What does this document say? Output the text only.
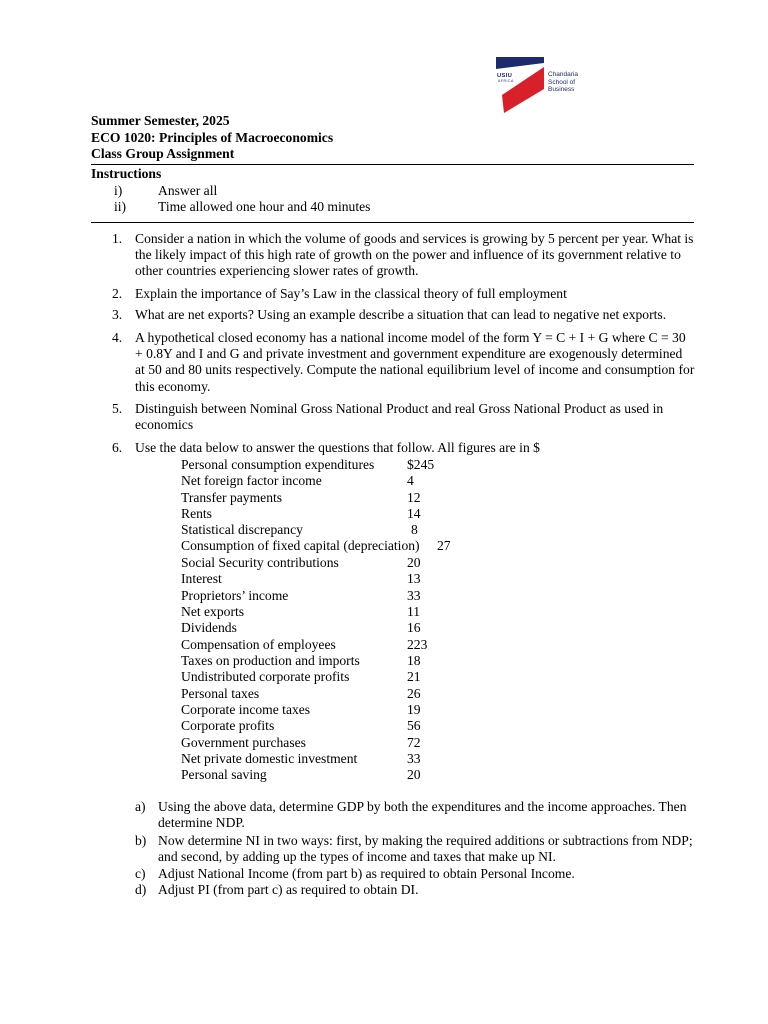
USIU
AFRICA
Chandaria
School of
Business
Summer Semester, 2025
ECO 1020: Principles of Macroeconomics
Class Group Assignment
Instructions
i)	Answer all
ii) Time allowed one hour and 40 minutes
1. Consider a nation in which the volume of goods and services is growing by 5 percent per year. What is the likely impact of this high rate of growth on the power and influence of its government relative to other countries experiencing slower rates of growth.
2. Explain the importance of Say’s Law in the classical theory of full employment
3. What are net exports? Using an example describe a situation that can lead to negative net exports.
4. A hypothetical closed economy has a national income model of the form Y = C + I + G where C = 30 + 0.8Y and I and G and private investment and government expenditure are exogenously determined at 50 and 80 units respectively. Compute the national equilibrium level of income and consumption for this economy.
5. Distinguish between Nominal Gross National Product and real Gross National Product as used in economics
6. Use the data below to answer the questions that follow. All figures are in $
Personal consumption expenditures $245
Net foreign factor income	4
Transfer payments	12
Rents	14
Statistical discrepancy	8
Consumption of fixed capital (depreciation) 27
Social Security contributions	20
Interest	13
Proprietors’ income	33
Net exports	11
Dividends	16
Compensation of employees	223
Taxes on production and imports	18
Undistributed corporate profits	21
Personal taxes	26
Corporate income taxes	19
Corporate profits	56
Government purchases	72
Net private domestic investment	33
Personal saving	20
a) Using the above data, determine GDP by both the expenditures and the income approaches. Then determine NDP.
b) Now determine NI in two ways: first, by making the required additions or subtractions from NDP; and second, by adding up the types of income and taxes that make up NI.
c) Adjust National Income (from part b) as required to obtain Personal Income.
d) Adjust PI (from part c) as required to obtain DI.
